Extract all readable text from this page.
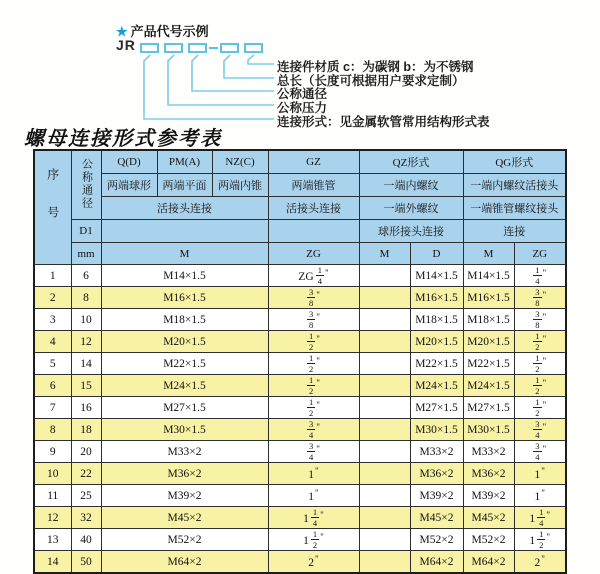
★ 产品代号示例
JR
连接件材质 c：为碳钢 b：为不锈钢
总长（长度可根据用户要求定制）
公称通径
公称压力
连接形式：见金属软管常用结构形式表
螺母连接形式参考表
序号	公称通径	Q(D)	PM(A)	NZ(C)	GZ	QZ形式		QG形式	
		两端球形	两端平面	两端内锥	两端锥管	一端内螺纹		一端内螺纹活接头	
		活接头连接			活接头连接	一端外螺纹		一端锥管螺纹接头	
	D1					球形接头连接		连接	
	mm	M			ZG	M	D	M	ZG
1	6	M14×1.5			ZG $\frac{1}{4} ^"$		M14×1.5	M14×1.5	$\frac{1}{4} ^"$
2	8	M16×1.5			$\frac{3}{8} ^"$		M16×1.5	M16×1.5	$\frac{3}{8} ^"$
3	10	M18×1.5			$\frac{3}{8} ^"$		M18×1.5	M18×1.5	$\frac{3}{8} ^"$
4	12	M20×1.5			$\frac{1}{2} ^"$		M20×1.5	M20×1.5	$\frac{1}{2} ^"$
5	14	M22×1.5			$\frac{1}{2} ^"$		M22×1.5	M22×1.5	$\frac{1}{2} ^"$
6	15	M24×1.5			$\frac{1}{2} ^"$		M24×1.5	M24×1.5	$\frac{1}{2} ^"$
7	16	M27×1.5			$\frac{1}{2} ^"$		M27×1.5	M27×1.5	$\frac{1}{2} ^"$
8	18	M30×1.5			$\frac{3}{4} ^"$		M30×1.5	M30×1.5	$\frac{3}{4} ^"$
9	20	M33×2			$\frac{3}{4} ^"$		M33×2	M33×2	$\frac{3}{4} ^"$
10	22	M36×2			1"		M36×2	M36×2	1"
11	25	M39×2			1"		M39×2	M39×2	1"
12	32	M45×2			$1 \frac{1}{4} ^"$		M45×2	M45×2	$1 \frac{1}{4} ^"$
13	40	M52×2			$1 \frac{1}{2} ^"$		M52×2	M52×2	$1 \frac{1}{2} ^"$
14	50	M64×2			2"		M64×2	M64×2	2"
